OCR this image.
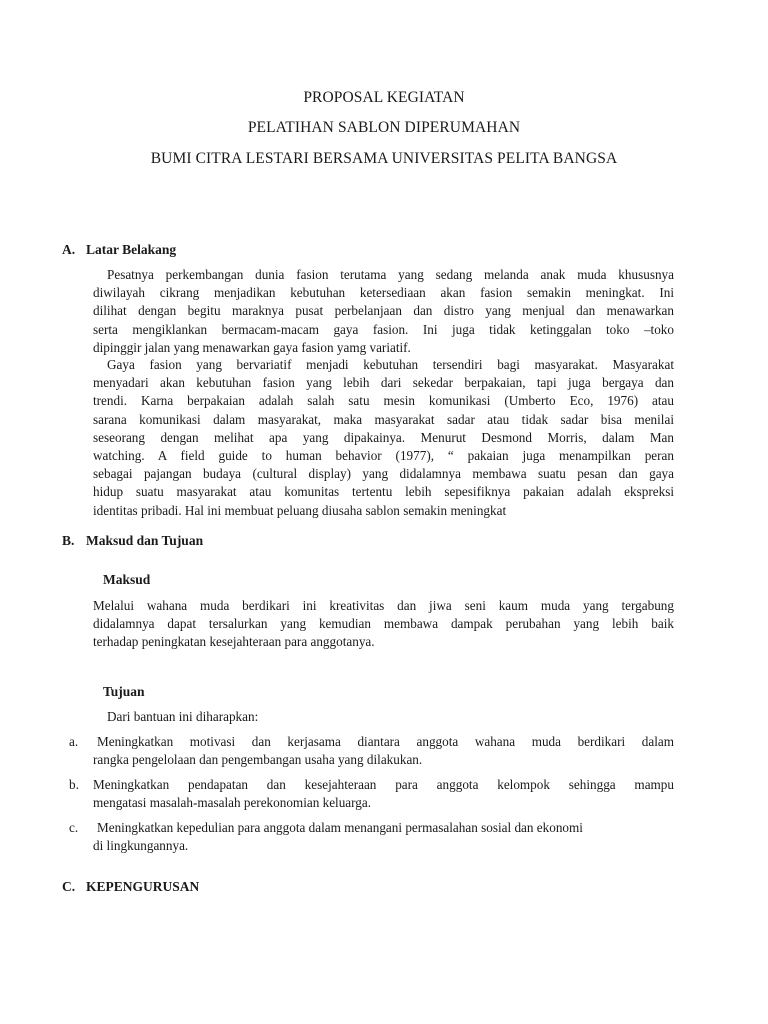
PROPOSAL KEGIATAN
PELATIHAN SABLON DIPERUMAHAN
BUMI CITRA LESTARI BERSAMA UNIVERSITAS PELITA BANGSA
A. Latar Belakang
Pesatnya perkembangan dunia fasion terutama yang sedang melanda anak muda khususnya
diwilayah cikrang menjadikan kebutuhan ketersediaan akan fasion semakin meningkat. Ini
dilihat dengan begitu maraknya pusat perbelanjaan dan distro yang menjual dan menawarkan
serta mengiklankan bermacam-macam gaya fasion. Ini juga tidak ketinggalan toko –toko
dipinggir jalan yang menawarkan gaya fasion yamg variatif.
Gaya fasion yang bervariatif menjadi kebutuhan tersendiri bagi masyarakat. Masyarakat
menyadari akan kebutuhan fasion yang lebih dari sekedar berpakaian, tapi juga bergaya dan
trendi. Karna berpakaian adalah salah satu mesin komunikasi (Umberto Eco, 1976) atau
sarana komunikasi dalam masyarakat, maka masyarakat sadar atau tidak sadar bisa menilai
seseorang dengan melihat apa yang dipakainya. Menurut Desmond Morris, dalam Man
watching. A field guide to human behavior (1977), “ pakaian juga menampilkan peran
sebagai pajangan budaya (cultural display) yang didalamnya membawa suatu pesan dan gaya
hidup suatu masyarakat atau komunitas tertentu lebih sepesifiknya pakaian adalah ekspreksi
identitas pribadi. Hal ini membuat peluang diusaha sablon semakin meningkat
B. Maksud dan Tujuan
Maksud
Melalui wahana muda berdikari ini kreativitas dan jiwa seni kaum muda yang tergabung
didalamnya dapat tersalurkan yang kemudian membawa dampak perubahan yang lebih baik
terhadap peningkatan kesejahteraan para anggotanya.
Tujuan
Dari bantuan ini diharapkan:
a.	Meningkatkan motivasi dan kerjasama diantara anggota wahana muda berdikari dalam
rangka pengelolaan dan pengembangan usaha yang dilakukan.
b. Meningkatkan pendapatan dan kesejahteraan para anggota kelompok sehingga mampu
mengatasi masalah-masalah perekonomian keluarga.
c.	Meningkatkan kepedulian para anggota dalam menangani permasalahan sosial dan ekonomi
di lingkungannya.
C. KEPENGURUSAN
